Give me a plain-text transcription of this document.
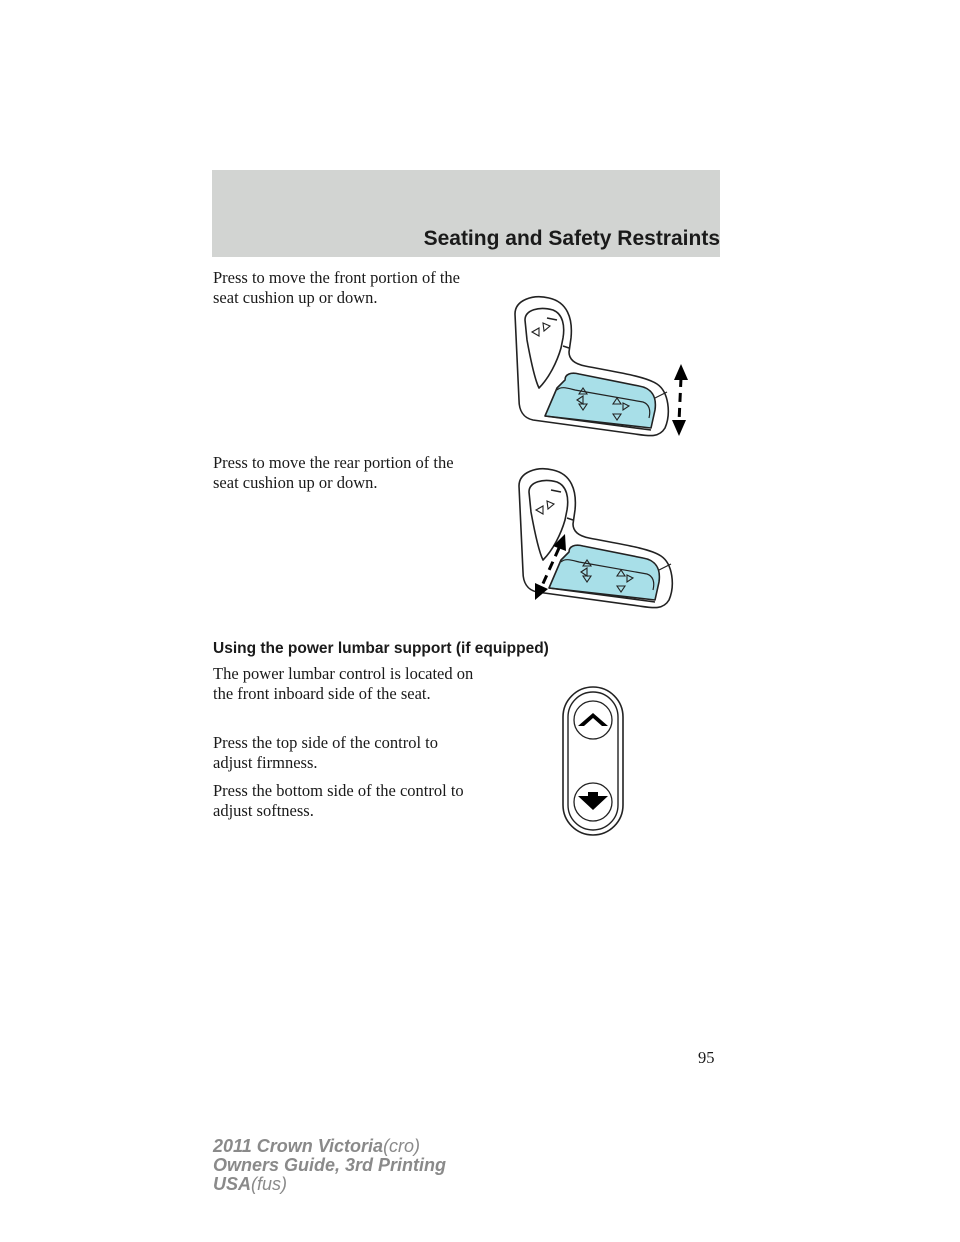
Seating and Safety Restraints

Press to move the front portion of the seat cushion up or down.

Press to move the rear portion of the seat cushion up or down.

Using the power lumbar support (if equipped)

The power lumbar control is located on the front inboard side of the seat.

Press the top side of the control to adjust firmness.

Press the bottom side of the control to adjust softness.

95
2011 Crown Victoria(cro)
Owners Guide, 3rd Printing
USA(fus)
